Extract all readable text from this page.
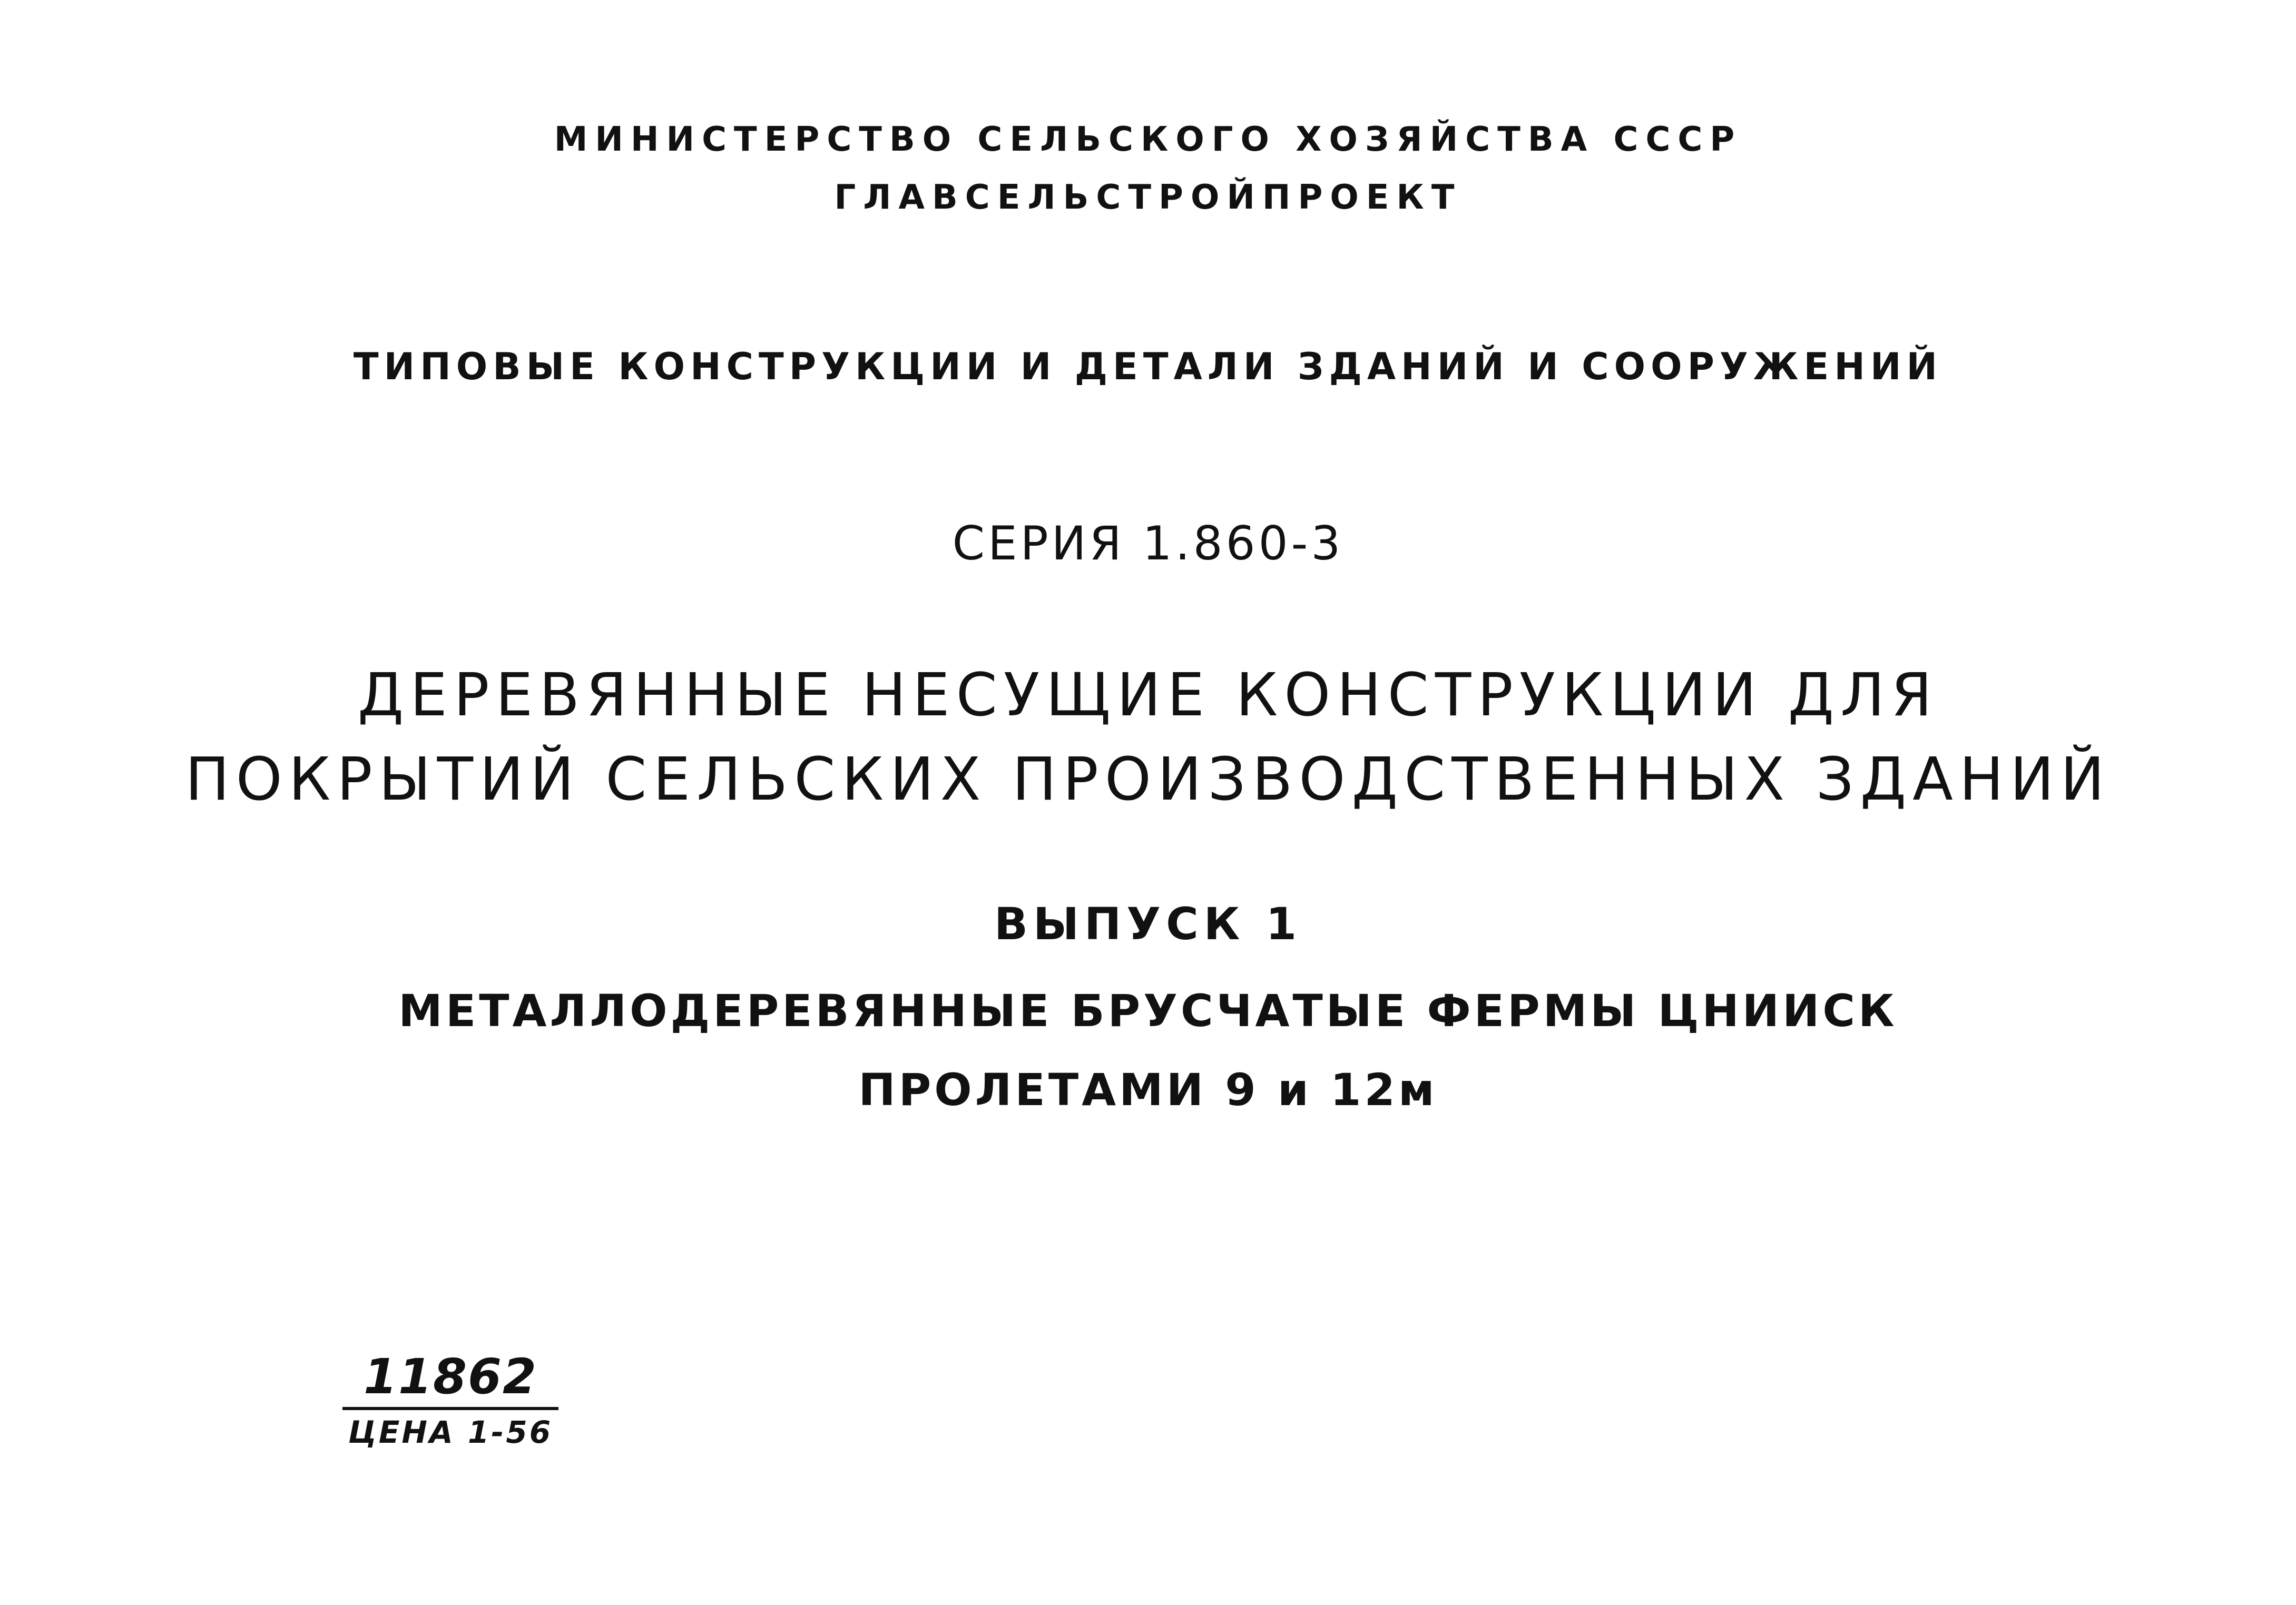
МИНИСТЕРСТВО СЕЛЬСКОГО ХОЗЯЙСТВА СССР
ГЛАВСЕЛЬСТРОЙПРОЕКТ
ТИПОВЫЕ КОНСТРУКЦИИ И ДЕТАЛИ ЗДАНИЙ И СООРУЖЕНИЙ
СЕРИЯ 1.860-3
ДЕРЕВЯННЫЕ НЕСУЩИЕ КОНСТРУКЦИИ ДЛЯ
ПОКРЫТИЙ СЕЛЬСКИХ ПРОИЗВОДСТВЕННЫХ ЗДАНИЙ
ВЫПУСК 1
МЕТАЛЛОДЕРЕВЯННЫЕ БРУСЧАТЫЕ ФЕРМЫ ЦНИИСК
ПРОЛЕТАМИ 9 и 12м
11862
ЦЕНА 1-56
